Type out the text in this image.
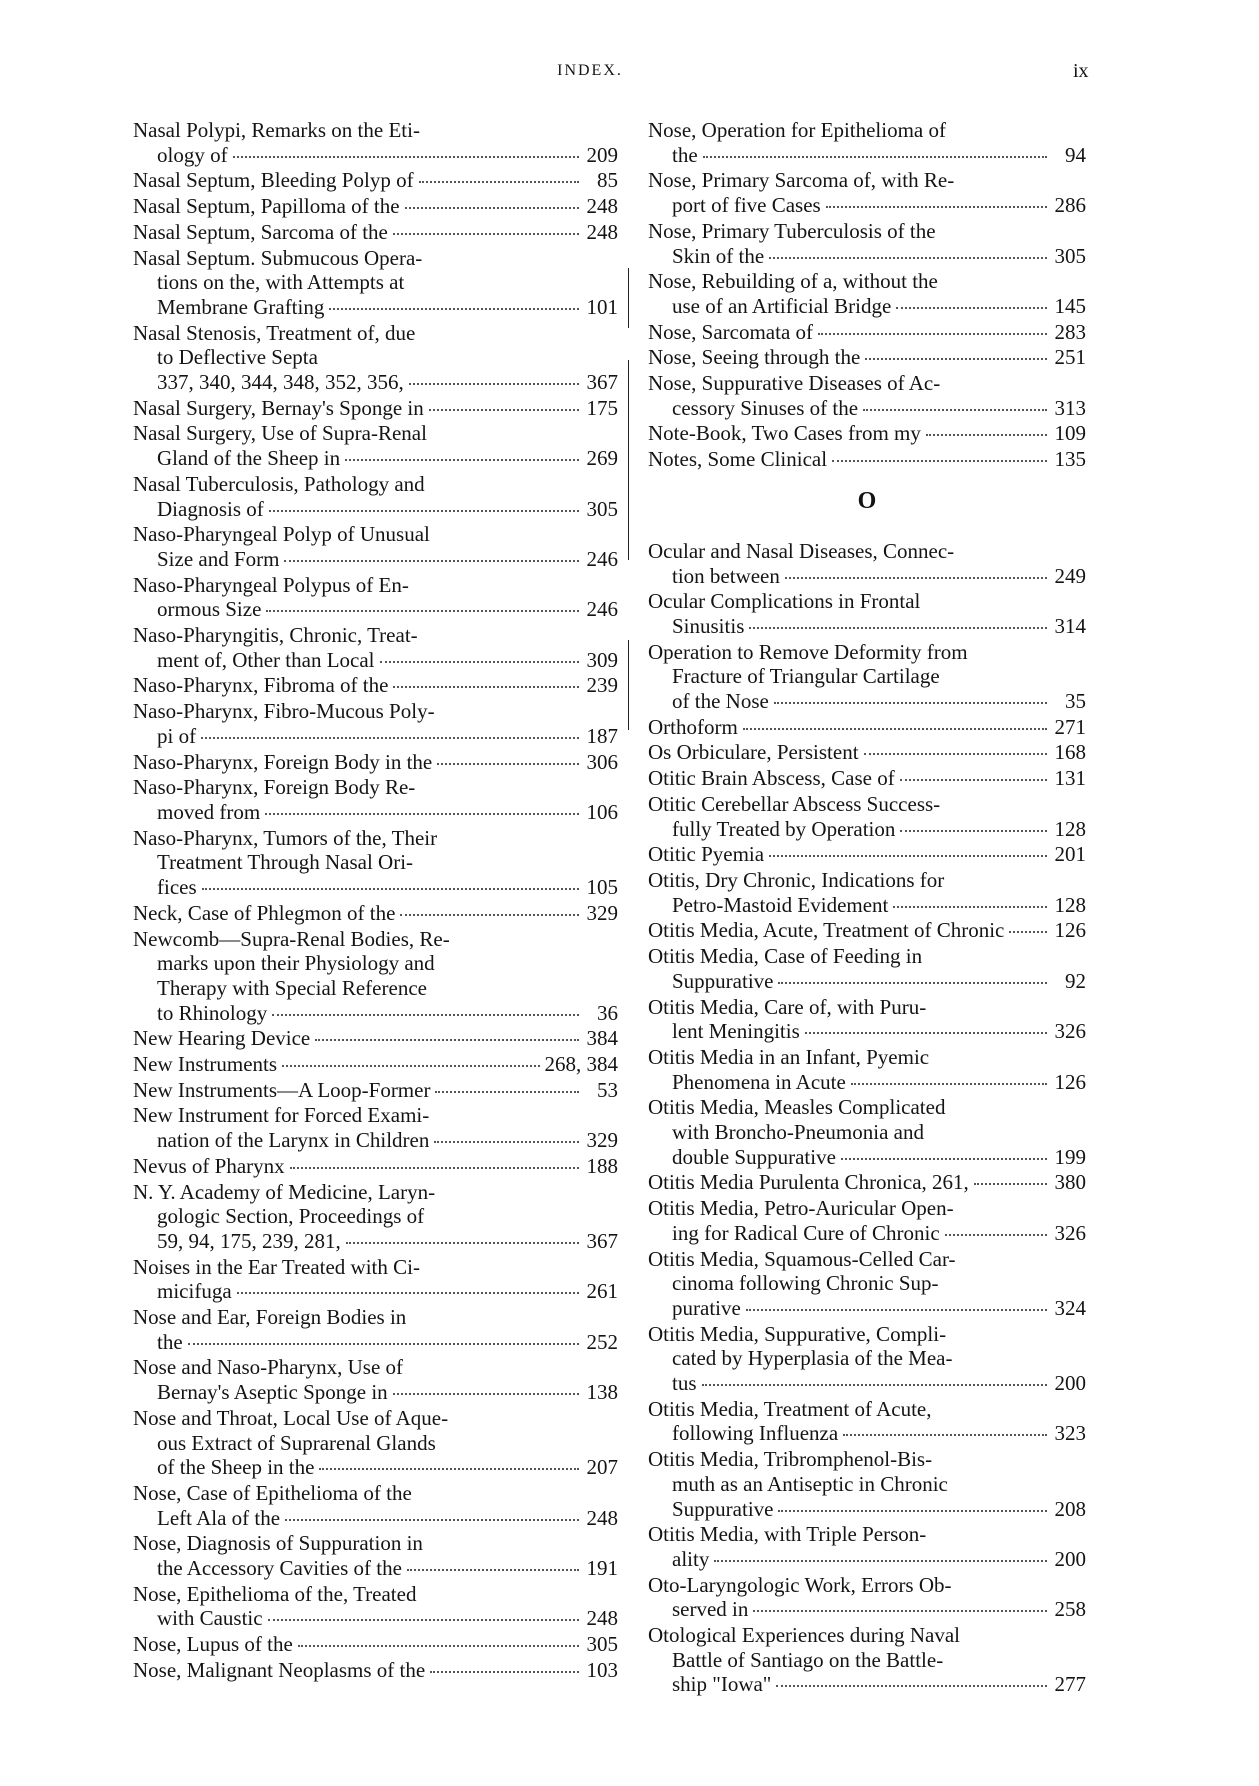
INDEX.	ix
Nasal Polypi, Remarks on the Eti-
ology of	209
Nasal Septum, Bleeding Polyp of	85
Nasal Septum, Papilloma of the	248
Nasal Septum, Sarcoma of the	248
Nasal Septum. Submucous Opera-
tions on the, with Attempts at
Membrane Grafting	101
Nasal Stenosis, Treatment of, due
to Deflective Septa
337, 340, 344, 348, 352, 356,	367
Nasal Surgery, Bernay's Sponge in	175
Nasal Surgery, Use of Supra-Renal
Gland of the Sheep in	269
Nasal Tuberculosis, Pathology and
Diagnosis of	305
Naso-Pharyngeal Polyp of Unusual
Size and Form	246
Naso-Pharyngeal Polypus of En-
ormous Size	246
Naso-Pharyngitis, Chronic, Treat-
ment of, Other than Local	309
Naso-Pharynx, Fibroma of the	239
Naso-Pharynx, Fibro-Mucous Poly-
pi of	187
Naso-Pharynx, Foreign Body in the	306
Naso-Pharynx, Foreign Body Re-
moved from	106
Naso-Pharynx, Tumors of the, Their
Treatment Through Nasal Ori-
fices	105
Neck, Case of Phlegmon of the	329
Newcomb—Supra-Renal Bodies, Re-
marks upon their Physiology and
Therapy with Special Reference
to Rhinology	36
New Hearing Device	384
New Instruments	268, 384
New Instruments—A Loop-Former	53
New Instrument for Forced Exami-
nation of the Larynx in Children	329
Nevus of Pharynx	188
N. Y. Academy of Medicine, Laryn-
gologic Section, Proceedings of
59, 94, 175, 239, 281,	367
Noises in the Ear Treated with Ci-
micifuga	261
Nose and Ear, Foreign Bodies in
the	252
Nose and Naso-Pharynx, Use of
Bernay's Aseptic Sponge in	138
Nose and Throat, Local Use of Aque-
ous Extract of Suprarenal Glands
of the Sheep in the	207
Nose, Case of Epithelioma of the
Left Ala of the	248
Nose, Diagnosis of Suppuration in
the Accessory Cavities of the	191
Nose, Epithelioma of the, Treated
with Caustic	248
Nose, Lupus of the	305
Nose, Malignant Neoplasms of the	103
Nose, Operation for Epithelioma of
the	94
Nose, Primary Sarcoma of, with Re-
port of five Cases	286
Nose, Primary Tuberculosis of the
Skin of the	305
Nose, Rebuilding of a, without the
use of an Artificial Bridge	145
Nose, Sarcomata of	283
Nose, Seeing through the	251
Nose, Suppurative Diseases of Ac-
cessory Sinuses of the	313
Note-Book, Two Cases from my	109
Notes, Some Clinical	135
O
Ocular and Nasal Diseases, Connec-
tion between	249
Ocular Complications in Frontal
Sinusitis	314
Operation to Remove Deformity from
Fracture of Triangular Cartilage
of the Nose	35
Orthoform	271
Os Orbiculare, Persistent	168
Otitic Brain Abscess, Case of	131
Otitic Cerebellar Abscess Success-
fully Treated by Operation	128
Otitic Pyemia	201
Otitis, Dry Chronic, Indications for
Petro-Mastoid Evidement	128
Otitis Media, Acute, Treatment of Chronic 126
Otitis Media, Case of Feeding in
Suppurative	92
Otitis Media, Care of, with Puru-
lent Meningitis	326
Otitis Media in an Infant, Pyemic
Phenomena in Acute	126
Otitis Media, Measles Complicated
with Broncho-Pneumonia and
double Suppurative	199
Otitis Media Purulenta Chronica, 261,	380
Otitis Media, Petro-Auricular Open-
ing for Radical Cure of Chronic	326
Otitis Media, Squamous-Celled Car-
cinoma following Chronic Sup-
purative	324
Otitis Media, Suppurative, Compli-
cated by Hyperplasia of the Mea-
tus	200
Otitis Media, Treatment of Acute,
following Influenza	323
Otitis Media, Tribromphenol-Bis-
muth as an Antiseptic in Chronic
Suppurative	208
Otitis Media, with Triple Person-
ality	200
Oto-Laryngologic Work, Errors Ob-
served in	258
Otological Experiences during Naval
Battle of Santiago on the Battle-
ship "Iowa"	277
